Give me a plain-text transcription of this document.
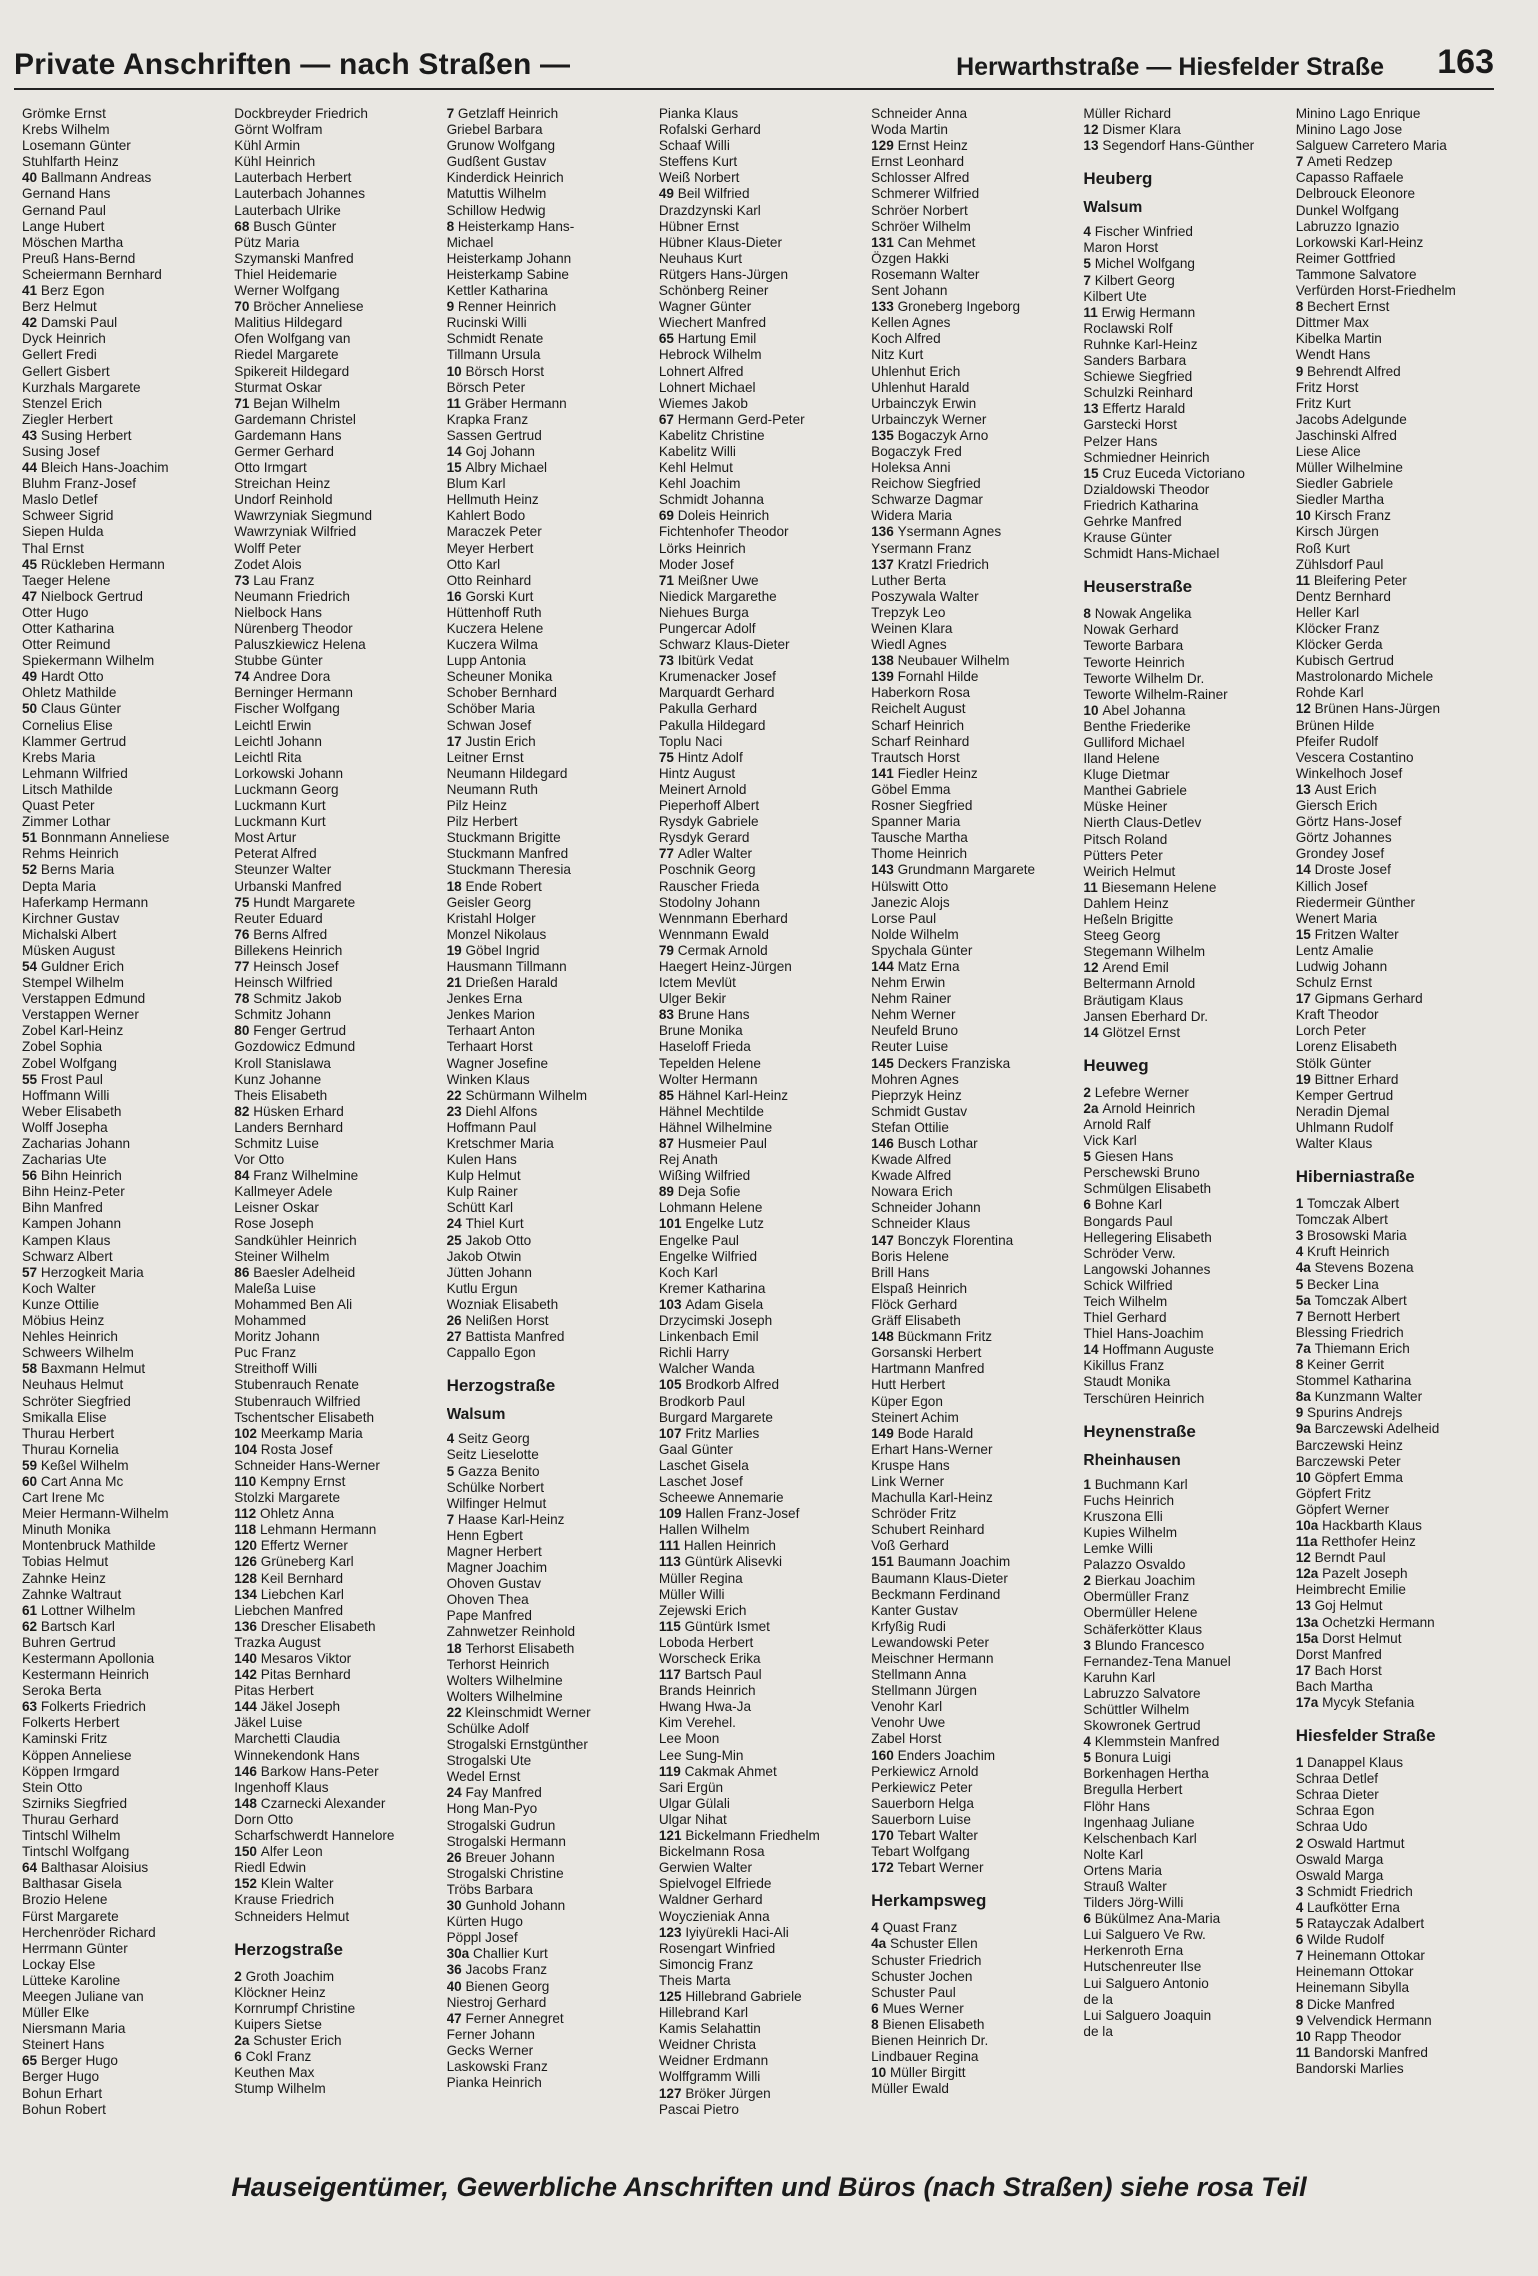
Private Anschriften — nach Straßen —	Herwarthstraße — Hiesfelder Straße 163
Grömke Ernst
Krebs Wilhelm
Losemann Günter
Stuhlfarth Heinz
40 Ballmann Andreas
Gernand Hans
Gernand Paul
Lange Hubert
Möschen Martha
Preuß Hans-Bernd
Scheiermann Bernhard
41 Berz Egon
Berz Helmut
42 Damski Paul
Dyck Heinrich
Gellert Fredi
Gellert Gisbert
Kurzhals Margarete
Stenzel Erich
Ziegler Herbert
43 Susing Herbert
Susing Josef
44 Bleich Hans-Joachim
Bluhm Franz-Josef
Maslo Detlef
Schweer Sigrid
Siepen Hulda
Thal Ernst
45 Rückleben Hermann
Taeger Helene
47 Nielbock Gertrud
Otter Hugo
Otter Katharina
Otter Reimund
Spiekermann Wilhelm
49 Hardt Otto
Ohletz Mathilde
50 Claus Günter
Cornelius Elise
Klammer Gertrud
Krebs Maria
Lehmann Wilfried
Litsch Mathilde
Quast Peter
Zimmer Lothar
51 Bonnmann Anneliese
Rehms Heinrich
52 Berns Maria
Depta Maria
Haferkamp Hermann
Kirchner Gustav
Michalski Albert
Müsken August
54 Guldner Erich
Stempel Wilhelm
Verstappen Edmund
Verstappen Werner
Zobel Karl-Heinz
Zobel Sophia
Zobel Wolfgang
55 Frost Paul
Hoffmann Willi
Weber Elisabeth
Wolff Josepha
Zacharias Johann
Zacharias Ute
56 Bihn Heinrich
Bihn Heinz-Peter
Bihn Manfred
Kampen Johann
Kampen Klaus
Schwarz Albert
57 Herzogkeit Maria
Koch Walter
Kunze Ottilie
Möbius Heinz
Nehles Heinrich
Schweers Wilhelm
58 Baxmann Helmut
Neuhaus Helmut
Schröter Siegfried
Smikalla Elise
Thurau Herbert
Thurau Kornelia
59 Keßel Wilhelm
60 Cart Anna Mc
Cart Irene Mc
Meier Hermann-Wilhelm
Minuth Monika
Montenbruck Mathilde
Tobias Helmut
Zahnke Heinz
Zahnke Waltraut
61 Lottner Wilhelm
62 Bartsch Karl
Buhren Gertrud
Kestermann Apollonia
Kestermann Heinrich
Seroka Berta
63 Folkerts Friedrich
Folkerts Herbert
Kaminski Fritz
Köppen Anneliese
Köppen Irmgard
Stein Otto
Szirniks Siegfried
Thurau Gerhard
Tintschl Wilhelm
Tintschl Wolfgang
64 Balthasar Aloisius
Balthasar Gisela
Brozio Helene
Fürst Margarete
Herchenröder Richard
Herrmann Günter
Lockay Else
Lütteke Karoline
Meegen Juliane van
Müller Elke
Niersmann Maria
Steinert Hans
65 Berger Hugo
Berger Hugo
Bohun Erhart
Bohun Robert
Dockbreyder Friedrich
Görnt Wolfram
Kühl Armin
Kühl Heinrich
Lauterbach Herbert
Lauterbach Johannes
Lauterbach Ulrike
68 Busch Günter
Pütz Maria
Szymanski Manfred
Thiel Heidemarie
Werner Wolfgang
70 Bröcher Anneliese
Malitius Hildegard
Ofen Wolfgang van
Riedel Margarete
Spikereit Hildegard
Sturmat Oskar
71 Bejan Wilhelm
Gardemann Christel
Gardemann Hans
Germer Gerhard
Otto Irmgart
Streichan Heinz
Undorf Reinhold
Wawrzyniak Siegmund
Wawrzyniak Wilfried
Wolff Peter
Zodet Alois
73 Lau Franz
Neumann Friedrich
Nielbock Hans
Nürenberg Theodor
Paluszkiewicz Helena
Stubbe Günter
74 Andree Dora
Berninger Hermann
Fischer Wolfgang
Leichtl Erwin
Leichtl Johann
Leichtl Rita
Lorkowski Johann
Luckmann Georg
Luckmann Kurt
Luckmann Kurt
Most Artur
Peterat Alfred
Steunzer Walter
Urbanski Manfred
75 Hundt Margarete
Reuter Eduard
76 Berns Alfred
Billekens Heinrich
77 Heinsch Josef
Heinsch Wilfried
78 Schmitz Jakob
Schmitz Johann
80 Fenger Gertrud
Gozdowicz Edmund
Kroll Stanislawa
Kunz Johanne
Theis Elisabeth
82 Hüsken Erhard
Landers Bernhard
Schmitz Luise
Vor Otto
84 Franz Wilhelmine
Kallmeyer Adele
Leisner Oskar
Rose Joseph
Sandkühler Heinrich
Steiner Wilhelm
86 Baesler Adelheid
Maleßa Luise
Mohammed Ben Ali
Mohammed
Moritz Johann
Puc Franz
Streithoff Willi
Stubenrauch Renate
Stubenrauch Wilfried
Tschentscher Elisabeth
102 Meerkamp Maria
104 Rosta Josef
Schneider Hans-Werner
110 Kempny Ernst
Stolzki Margarete
112 Ohletz Anna
118 Lehmann Hermann
120 Effertz Werner
126 Grüneberg Karl
128 Keil Bernhard
134 Liebchen Karl
Liebchen Manfred
136 Drescher Elisabeth
Trazka August
140 Mesaros Viktor
142 Pitas Bernhard
Pitas Herbert
144 Jäkel Joseph
Jäkel Luise
Marchetti Claudia
Winnekendonk Hans
146 Barkow Hans-Peter
Ingenhoff Klaus
148 Czarnecki Alexander
Dorn Otto
Scharfschwerdt Hannelore
150 Alfer Leon
Riedl Edwin
152 Klein Walter
Krause Friedrich
Schneiders Helmut
Herzogstraße
2 Groth Joachim
Klöckner Heinz
Kornrumpf Christine
Kuipers Sietse
2a Schuster Erich
6 Cokl Franz
Keuthen Max
Stump Wilhelm
7 Getzlaff Heinrich
Griebel Barbara
Grunow Wolfgang
Gudßent Gustav
Kinderdick Heinrich
Matuttis Wilhelm
Schillow Hedwig
8 Heisterkamp Hans-
Michael
Heisterkamp Johann
Heisterkamp Sabine
Kettler Katharina
9 Renner Heinrich
Rucinski Willi
Schmidt Renate
Tillmann Ursula
10 Börsch Horst
Börsch Peter
11 Gräber Hermann
Krapka Franz
Sassen Gertrud
14 Goj Johann
15 Albry Michael
Blum Karl
Hellmuth Heinz
Kahlert Bodo
Maraczek Peter
Meyer Herbert
Otto Karl
Otto Reinhard
16 Gorski Kurt
Hüttenhoff Ruth
Kuczera Helene
Kuczera Wilma
Lupp Antonia
Scheuner Monika
Schober Bernhard
Schöber Maria
Schwan Josef
17 Justin Erich
Leitner Ernst
Neumann Hildegard
Neumann Ruth
Pilz Heinz
Pilz Herbert
Stuckmann Brigitte
Stuckmann Manfred
Stuckmann Theresia
18 Ende Robert
Geisler Georg
Kristahl Holger
Monzel Nikolaus
19 Göbel Ingrid
Hausmann Tillmann
21 Drießen Harald
Jenkes Erna
Jenkes Marion
Terhaart Anton
Terhaart Horst
Wagner Josefine
Winken Klaus
22 Schürmann Wilhelm
23 Diehl Alfons
Hoffmann Paul
Kretschmer Maria
Kulen Hans
Kulp Helmut
Kulp Rainer
Schütt Karl
24 Thiel Kurt
25 Jakob Otto
Jakob Otwin
Jütten Johann
Kutlu Ergun
Wozniak Elisabeth
26 Nelißen Horst
27 Battista Manfred
Cappallo Egon
Herzogstraße
Walsum
4 Seitz Georg
Seitz Lieselotte
5 Gazza Benito
Schülke Norbert
Wilfinger Helmut
7 Haase Karl-Heinz
Henn Egbert
Magner Herbert
Magner Joachim
Ohoven Gustav
Ohoven Thea
Pape Manfred
Zahnwetzer Reinhold
18 Terhorst Elisabeth
Terhorst Heinrich
Wolters Wilhelmine
Wolters Wilhelmine
22 Kleinschmidt Werner
Schülke Adolf
Strogalski Ernstgünther
Strogalski Ute
Wedel Ernst
24 Fay Manfred
Hong Man-Pyo
Strogalski Gudrun
Strogalski Hermann
26 Breuer Johann
Strogalski Christine
Tröbs Barbara
30 Gunhold Johann
Kürten Hugo
Pöppl Josef
30a Challier Kurt
36 Jacobs Franz
40 Bienen Georg
Niestroj Gerhard
47 Ferner Annegret
Ferner Johann
Gecks Werner
Laskowski Franz
Pianka Heinrich
Pianka Klaus
Rofalski Gerhard
Schaaf Willi
Steffens Kurt
Weiß Norbert
49 Beil Wilfried
Drazdzynski Karl
Hübner Ernst
Hübner Klaus-Dieter
Neuhaus Kurt
Rütgers Hans-Jürgen
Schönberg Reiner
Wagner Günter
Wiechert Manfred
65 Hartung Emil
Hebrock Wilhelm
Lohnert Alfred
Lohnert Michael
Wiemes Jakob
67 Hermann Gerd-Peter
Kabelitz Christine
Kabelitz Willi
Kehl Helmut
Kehl Joachim
Schmidt Johanna
69 Doleis Heinrich
Fichtenhofer Theodor
Lörks Heinrich
Moder Josef
71 Meißner Uwe
Niedick Margarethe
Niehues Burga
Pungercar Adolf
Schwarz Klaus-Dieter
73 Ibitürk Vedat
Krumenacker Josef
Marquardt Gerhard
Pakulla Gerhard
Pakulla Hildegard
Toplu Naci
75 Hintz Adolf
Hintz August
Meinert Arnold
Pieperhoff Albert
Rysdyk Gabriele
Rysdyk Gerard
77 Adler Walter
Poschnik Georg
Rauscher Frieda
Stodolny Johann
Wennmann Eberhard
Wennmann Ewald
79 Cermak Arnold
Haegert Heinz-Jürgen
Ictem Mevlüt
Ulger Bekir
83 Brune Hans
Brune Monika
Haseloff Frieda
Tepelden Helene
Wolter Hermann
85 Hähnel Karl-Heinz
Hähnel Mechtilde
Hähnel Wilhelmine
87 Husmeier Paul
Rej Anath
Wißing Wilfried
89 Deja Sofie
Lohmann Helene
101 Engelke Lutz
Engelke Paul
Engelke Wilfried
Koch Karl
Kremer Katharina
103 Adam Gisela
Drzycimski Joseph
Linkenbach Emil
Richli Harry
Walcher Wanda
105 Brodkorb Alfred
Brodkorb Paul
Burgard Margarete
107 Fritz Marlies
Gaal Günter
Laschet Gisela
Laschet Josef
Scheewe Annemarie
109 Hallen Franz-Josef
Hallen Wilhelm
111 Hallen Heinrich
113 Güntürk Alisevki
Müller Regina
Müller Willi
Zejewski Erich
115 Güntürk Ismet
Loboda Herbert
Worscheck Erika
117 Bartsch Paul
Brands Heinrich
Hwang Hwa-Ja
Kim Verehel.
Lee Moon
Lee Sung-Min
119 Cakmak Ahmet
Sari Ergün
Ulgar Gülali
Ulgar Nihat
121 Bickelmann Friedhelm
Bickelmann Rosa
Gerwien Walter
Spielvogel Elfriede
Waldner Gerhard
Woyczieniak Anna
123 Iyiyürekli Haci-Ali
Rosengart Winfried
Simoncig Franz
Theis Marta
125 Hillebrand Gabriele
Hillebrand Karl
Kamis Selahattin
Weidner Christa
Weidner Erdmann
Wolffgramm Willi
127 Bröker Jürgen
Pascai Pietro
Schneider Anna
Woda Martin
129 Ernst Heinz
Ernst Leonhard
Schlosser Alfred
Schmerer Wilfried
Schröer Norbert
Schröer Wilhelm
131 Can Mehmet
Özgen Hakki
Rosemann Walter
Sent Johann
133 Groneberg Ingeborg
Kellen Agnes
Koch Alfred
Nitz Kurt
Uhlenhut Erich
Uhlenhut Harald
Urbainczyk Erwin
Urbainczyk Werner
135 Bogaczyk Arno
Bogaczyk Fred
Holeksa Anni
Reichow Siegfried
Schwarze Dagmar
Widera Maria
136 Ysermann Agnes
Ysermann Franz
137 Kratzl Friedrich
Luther Berta
Poszywala Walter
Trepzyk Leo
Weinen Klara
Wiedl Agnes
138 Neubauer Wilhelm
139 Fornahl Hilde
Haberkorn Rosa
Reichelt August
Scharf Heinrich
Scharf Reinhard
Trautsch Horst
141 Fiedler Heinz
Göbel Emma
Rosner Siegfried
Spanner Maria
Tausche Martha
Thome Heinrich
143 Grundmann Margarete
Hülswitt Otto
Janezic Alojs
Lorse Paul
Nolde Wilhelm
Spychala Günter
144 Matz Erna
Nehm Erwin
Nehm Rainer
Nehm Werner
Neufeld Bruno
Reuter Luise
145 Deckers Franziska
Mohren Agnes
Pieprzyk Heinz
Schmidt Gustav
Stefan Ottilie
146 Busch Lothar
Kwade Alfred
Kwade Alfred
Nowara Erich
Schneider Johann
Schneider Klaus
147 Bonczyk Florentina
Boris Helene
Brill Hans
Elspaß Heinrich
Flöck Gerhard
Gräff Elisabeth
148 Bückmann Fritz
Gorsanski Herbert
Hartmann Manfred
Hutt Herbert
Küper Egon
Steinert Achim
149 Bode Harald
Erhart Hans-Werner
Kruspe Hans
Link Werner
Machulla Karl-Heinz
Schröder Fritz
Schubert Reinhard
Voß Gerhard
151 Baumann Joachim
Baumann Klaus-Dieter
Beckmann Ferdinand
Kanter Gustav
Krfyßig Rudi
Lewandowski Peter
Meischner Hermann
Stellmann Anna
Stellmann Jürgen
Venohr Karl
Venohr Uwe
Zabel Horst
160 Enders Joachim
Perkiewicz Arnold
Perkiewicz Peter
Sauerborn Helga
Sauerborn Luise
170 Tebart Walter
Tebart Wolfgang
172 Tebart Werner
Herkampsweg
4 Quast Franz
4a Schuster Ellen
Schuster Friedrich
Schuster Jochen
Schuster Paul
6 Mues Werner
8 Bienen Elisabeth
Bienen Heinrich Dr.
Lindbauer Regina
10 Müller Birgitt
Müller Ewald
Müller Richard
12 Dismer Klara
13 Segendorf Hans-Günther
Heuberg
Walsum
4 Fischer Winfried
Maron Horst
5 Michel Wolfgang
7 Kilbert Georg
Kilbert Ute
11 Erwig Hermann
Roclawski Rolf
Ruhnke Karl-Heinz
Sanders Barbara
Schiewe Siegfried
Schulzki Reinhard
13 Effertz Harald
Garstecki Horst
Pelzer Hans
Schmiedner Heinrich
15 Cruz Euceda Victoriano
Dzialdowski Theodor
Friedrich Katharina
Gehrke Manfred
Krause Günter
Schmidt Hans-Michael
Heuserstraße
8 Nowak Angelika
Nowak Gerhard
Teworte Barbara
Teworte Heinrich
Teworte Wilhelm Dr.
Teworte Wilhelm-Rainer
10 Abel Johanna
Benthe Friederike
Gulliford Michael
Iland Helene
Kluge Dietmar
Manthei Gabriele
Müske Heiner
Nierth Claus-Detlev
Pitsch Roland
Pütters Peter
Weirich Helmut
11 Biesemann Helene
Dahlem Heinz
Heßeln Brigitte
Steeg Georg
Stegemann Wilhelm
12 Arend Emil
Beltermann Arnold
Bräutigam Klaus
Jansen Eberhard Dr.
14 Glötzel Ernst
Heuweg
2 Lefebre Werner
2a Arnold Heinrich
Arnold Ralf
Vick Karl
5 Giesen Hans
Perschewski Bruno
Schmülgen Elisabeth
6 Bohne Karl
Bongards Paul
Hellegering Elisabeth
Schröder Verw.
Langowski Johannes
Schick Wilfried
Teich Wilhelm
Thiel Gerhard
Thiel Hans-Joachim
14 Hoffmann Auguste
Kikillus Franz
Staudt Monika
Terschüren Heinrich
Heynenstraße
Rheinhausen
1 Buchmann Karl
Fuchs Heinrich
Kruszona Elli
Kupies Wilhelm
Lemke Willi
Palazzo Osvaldo
2 Bierkau Joachim
Obermüller Franz
Obermüller Helene
Schäferkötter Klaus
3 Blundo Francesco
Fernandez-Tena Manuel
Karuhn Karl
Labruzzo Salvatore
Schüttler Wilhelm
Skowronek Gertrud
4 Klemmstein Manfred
5 Bonura Luigi
Borkenhagen Hertha
Bregulla Herbert
Flöhr Hans
Ingenhaag Juliane
Kelschenbach Karl
Nolte Karl
Ortens Maria
Strauß Walter
Tilders Jörg-Willi
6 Bükülmez Ana-Maria
Lui Salguero Ve Rw.
Herkenroth Erna
Hutschenreuter Ilse
Lui Salguero Antonio
de la
Lui Salguero Joaquin
de la
Minino Lago Enrique
Minino Lago Jose
Salguew Carretero Maria
7 Ameti Redzep
Capasso Raffaele
Delbrouck Eleonore
Dunkel Wolfgang
Labruzzo Ignazio
Lorkowski Karl-Heinz
Reimer Gottfried
Tammone Salvatore
Verfürden Horst-Friedhelm
8 Bechert Ernst
Dittmer Max
Kibelka Martin
Wendt Hans
9 Behrendt Alfred
Fritz Horst
Fritz Kurt
Jacobs Adelgunde
Jaschinski Alfred
Liese Alice
Müller Wilhelmine
Siedler Gabriele
Siedler Martha
10 Kirsch Franz
Kirsch Jürgen
Roß Kurt
Zühlsdorf Paul
11 Bleifering Peter
Dentz Bernhard
Heller Karl
Klöcker Franz
Klöcker Gerda
Kubisch Gertrud
Mastrolonardo Michele
Rohde Karl
12 Brünen Hans-Jürgen
Brünen Hilde
Pfeifer Rudolf
Vescera Costantino
Winkelhoch Josef
13 Aust Erich
Giersch Erich
Görtz Hans-Josef
Görtz Johannes
Grondey Josef
14 Droste Josef
Killich Josef
Riedermeir Günther
Wenert Maria
15 Fritzen Walter
Lentz Amalie
Ludwig Johann
Schulz Ernst
17 Gipmans Gerhard
Kraft Theodor
Lorch Peter
Lorenz Elisabeth
Stölk Günter
19 Bittner Erhard
Kemper Gertrud
Neradin Djemal
Uhlmann Rudolf
Walter Klaus
Hiberniastraße
1 Tomczak Albert
Tomczak Albert
3 Brosowski Maria
4 Kruft Heinrich
4a Stevens Bozena
5 Becker Lina
5a Tomczak Albert
7 Bernott Herbert
Blessing Friedrich
7a Thiemann Erich
8 Keiner Gerrit
Stommel Katharina
8a Kunzmann Walter
9 Spurins Andrejs
9a Barczewski Adelheid
Barczewski Heinz
Barczewski Peter
10 Göpfert Emma
Göpfert Fritz
Göpfert Werner
10a Hackbarth Klaus
11a Retthofer Heinz
12 Berndt Paul
12a Pazelt Joseph
Heimbrecht Emilie
13 Goj Helmut
13a Ochetzki Hermann
15a Dorst Helmut
Dorst Manfred
17 Bach Horst
Bach Martha
17a Mycyk Stefania
Hiesfelder Straße
1 Danappel Klaus
Schraa Detlef
Schraa Dieter
Schraa Egon
Schraa Udo
2 Oswald Hartmut
Oswald Marga
Oswald Marga
3 Schmidt Friedrich
4 Laufkötter Erna
5 Ratayczak Adalbert
6 Wilde Rudolf
7 Heinemann Ottokar
Heinemann Ottokar
Heinemann Sibylla
8 Dicke Manfred
9 Velvendick Hermann
10 Rapp Theodor
11 Bandorski Manfred
Bandorski Marlies
Hauseigentümer, Gewerbliche Anschriften und Büros (nach Straßen) siehe rosa Teil
